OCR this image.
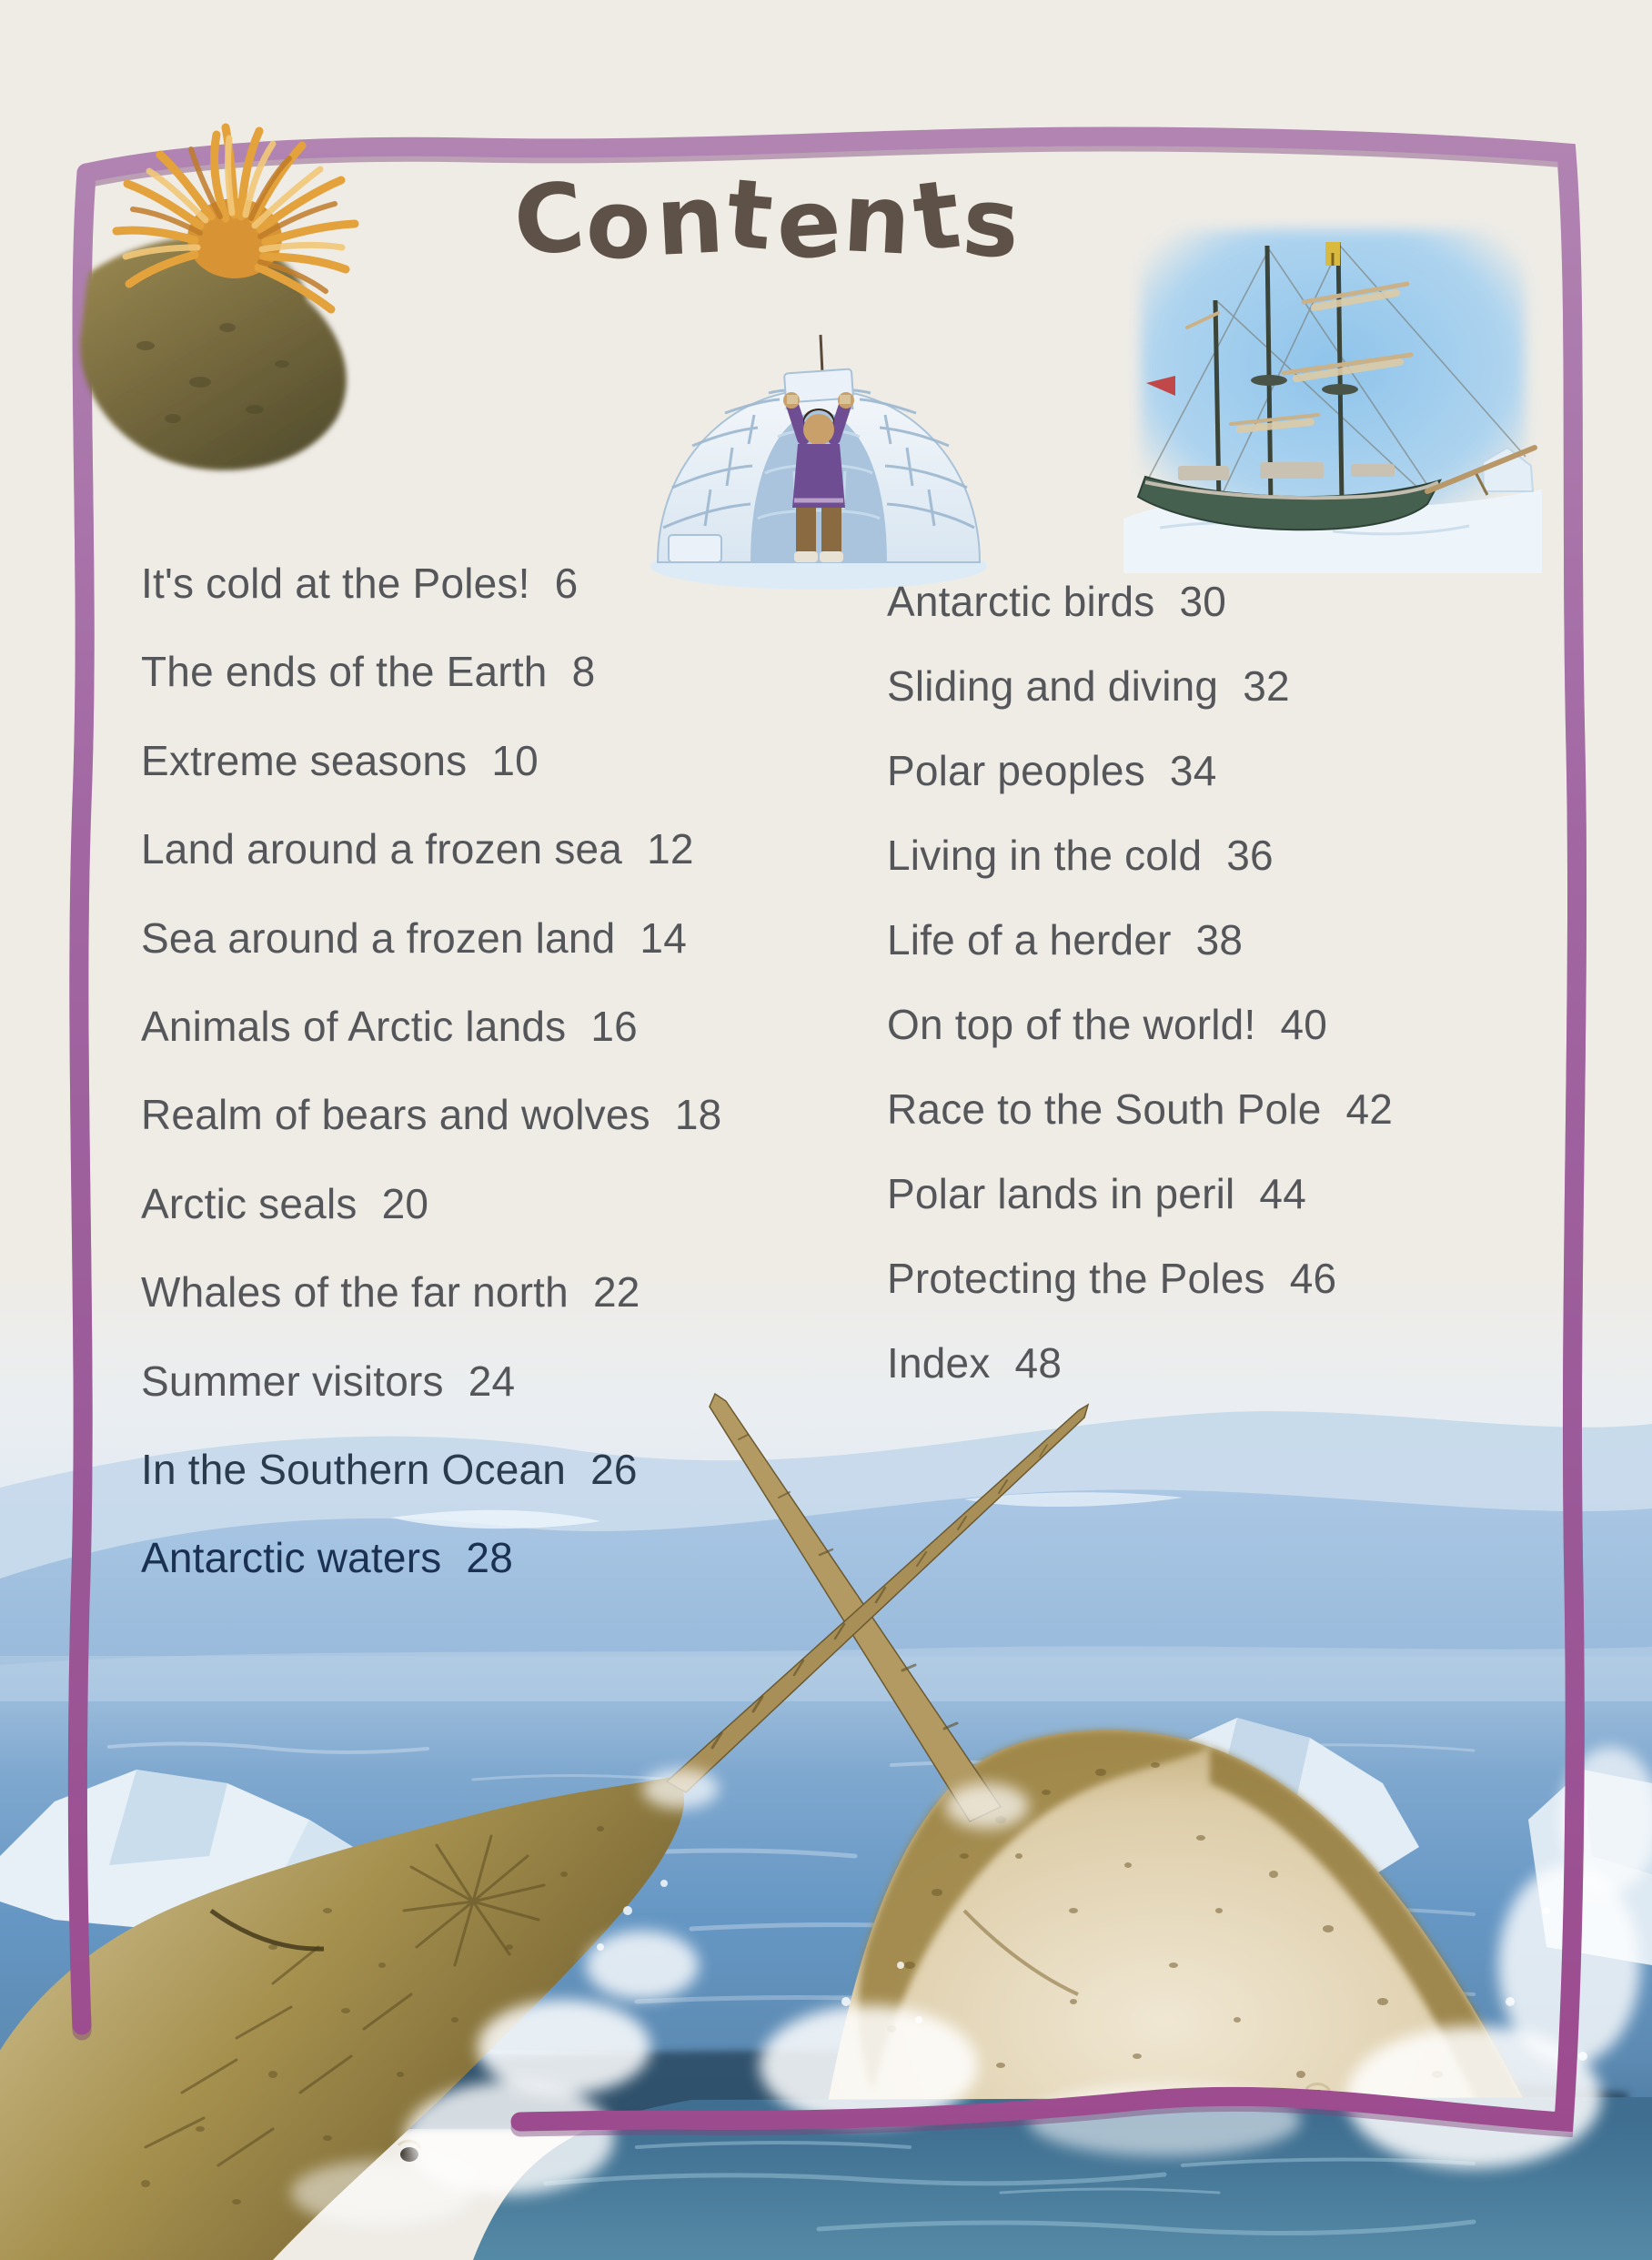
Contents
It's cold at the Poles! 6
The ends of the Earth 8
Extreme seasons 10
Land around a frozen sea 12
Sea around a frozen land 14
Animals of Arctic lands 16
Realm of bears and wolves 18
Arctic seals 20
Whales of the far north 22
Summer visitors 24
In the Southern Ocean 26
Antarctic waters 28
Antarctic birds 30
Sliding and diving 32
Polar peoples 34
Living in the cold 36
Life of a herder 38
On top of the world! 40
Race to the South Pole 42
Polar lands in peril 44
Protecting the Poles 46
Index 48
